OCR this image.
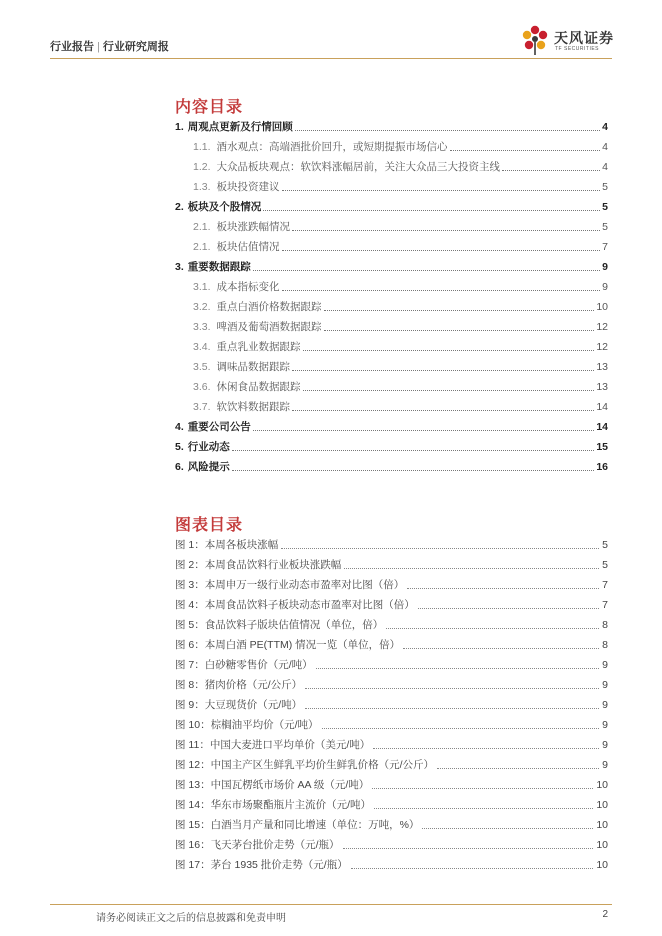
行业报告 | 行业研究周报
天风证券
TF SECURITIES
内容目录
1. 周观点更新及行情回顾	4
1.1. 酒水观点：高端酒批价回升，或短期提振市场信心	4
1.2. 大众品板块观点：软饮料涨幅居前，关注大众品三大投资主线	4
1.3. 板块投资建议	5
2. 板块及个股情况	5
2.1. 板块涨跌幅情况	5
2.1. 板块估值情况	7
3. 重要数据跟踪	9
3.1. 成本指标变化	9
3.2. 重点白酒价格数据跟踪	10
3.3. 啤酒及葡萄酒数据跟踪	12
3.4. 重点乳业数据跟踪	12
3.5. 调味品数据跟踪	13
3.6. 休闲食品数据跟踪	13
3.7. 软饮料数据跟踪	14
4. 重要公司公告	14
5. 行业动态	15
6. 风险提示	16
图表目录
图 1：本周各板块涨幅	5
图 2：本周食品饮料行业板块涨跌幅	5
图 3：本周申万一级行业动态市盈率对比图（倍）	7
图 4：本周食品饮料子板块动态市盈率对比图（倍）	7
图 5：食品饮料子版块估值情况（单位，倍）	8
图 6：本周白酒 PE(TTM) 情况一览（单位，倍）	8
图 7：白砂糖零售价（元/吨）	9
图 8：猪肉价格（元/公斤）	9
图 9：大豆现货价（元/吨）	9
图 10：棕榈油平均价（元/吨）	9
图 11：中国大麦进口平均单价（美元/吨）	9
图 12：中国主产区生鲜乳平均价生鲜乳价格（元/公斤）	9
图 13：中国瓦楞纸市场价 AA 级（元/吨）	10
图 14：华东市场聚酯瓶片主流价（元/吨）	10
图 15：白酒当月产量和同比增速（单位：万吨，%）	10
图 16：飞天茅台批价走势（元/瓶）	10
图 17：茅台 1935 批价走势（元/瓶）	10
请务必阅读正文之后的信息披露和免责申明	2
